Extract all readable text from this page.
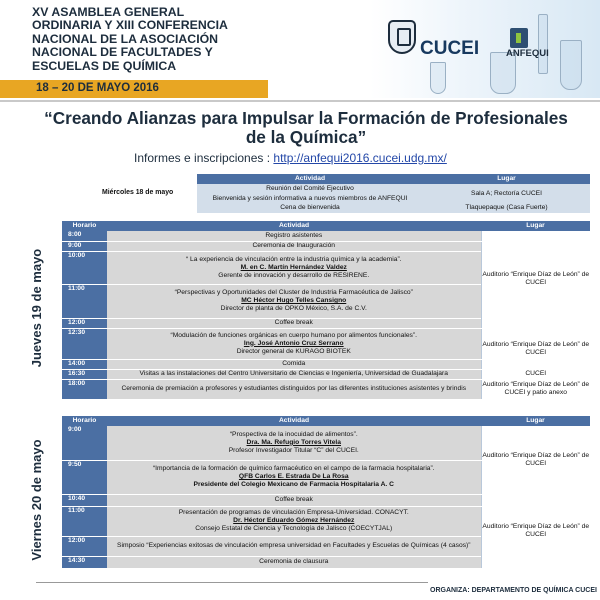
XV ASAMBLEA GENERAL
ORDINARIA Y XIII CONFERENCIA
NACIONAL DE LA ASOCIACIÓN
NACIONAL DE FACULTADES Y
ESCUELAS DE QUÍMICA
18 – 20 DE MAYO 2016
CUCEI	ANFEQUI
“Creando Alianzas para Impulsar la Formación de Profesionales de la Química”
Informes e inscripciones : http://anfequi2016.cucei.udg.mx/
Miércoles 18 de mayo	Actividad	Lugar
	Reunión del Comité Ejecutivo	Sala A; Rectoría CUCEI
	Bienvenida y sesión informativa a nuevos miembros de ANFEQUI	
	Cena de bienvenida	Tlaquepaque (Casa Fuerte)
Jueves 19 de mayo
Horario	Actividad	Lugar
8:00	Registro asistentes	Auditorio “Enrique Díaz de León” de CUCEI
9:00	Ceremonia de Inauguración	
10:00	“ La experiencia de vinculación entre la industria química y la academia”.
M. en C. Martín Hernández Valdez
Gerente de innovación y desarrollo de RESIRENE.	

11:00	“Perspectivas y Oportunidades del Cluster de Industria Farmacéutica de Jalisco”
MC Héctor Hugo Telles Cansigno
Director de planta de OPKO México, S.A. de C.V.	

12:00	Coffee break	
12:30	“Modulación de funciones orgánicas en cuerpo humano por alimentos funcionales”.
Ing. José Antonio Cruz Serrano
Director general de KURAGO BIOTEK	Auditorio “Enrique Díaz de León” de CUCEI
14:00	Comida	
16:30	Visitas a las instalaciones del Centro Universitario de Ciencias e Ingeniería, Universidad de Guadalajara	CUCEI
18:00	Ceremonia de premiación a profesores y estudiantes distinguidos por las diferentes instituciones asistentes y brindis	Auditorio “Enrique Díaz de León” de CUCEI y patio anexo
Viernes 20 de mayo
Horario	Actividad	Lugar
9:00	“Prospectiva de la inocuidad de alimentos”.
Dra. Ma. Refugio Torres Vitela
Profesor Investigador Titular “C” del CUCEI.	Auditorio “Enrique Díaz de León” de CUCEI
9:50	“Importancia de la formación de químico farmacéutico en el campo de la farmacia hospitalaria”.
QFB Carlos E. Estrada De La Rosa
Presidente del Colegio Mexicano de Farmacia Hospitalaria A. C	

10:40	Coffee break	Auditorio “Enrique Díaz de León” de CUCEI
11:00	Presentación de programas de vinculación Empresa-Universidad. CONACYT.
Dr. Héctor Eduardo Gómez Hernández
Consejo Estatal de Ciencia y Tecnología de Jalisco (COECYTJAL)	

12:00	Simposio “Experiencias exitosas de vinculación empresa universidad en Facultades y Escuelas de Químicas (4 casos)”	
14:30	Ceremonia de clausura	
ORGANIZA: DEPARTAMENTO DE QUÍMICA CUCEI
